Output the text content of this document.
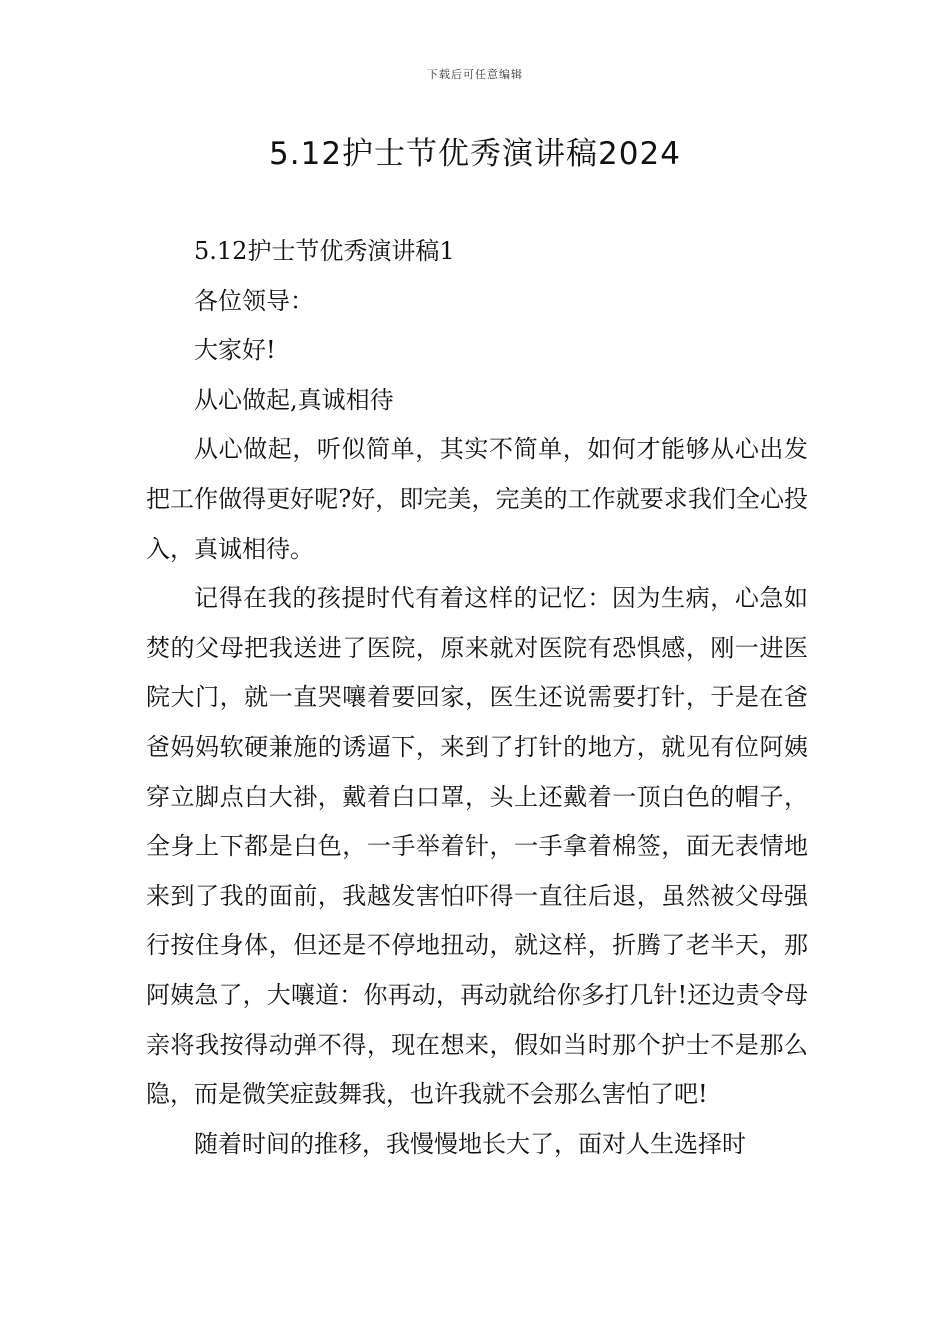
下载后可任意编辑
5.12护士节优秀演讲稿2024

5.12护士节优秀演讲稿1

各位领导：

大家好!

从心做起,真诚相待

从心做起，听似简单，其实不简单，如何才能够从心出发把工作做得更好呢?好，即完美，完美的工作就要求我们全心投入，真诚相待。

记得在我的孩提时代有着这样的记忆：因为生病，心急如焚的父母把我送进了医院，原来就对医院有恐惧感，刚一进医院大门，就一直哭嚷着要回家，医生还说需要打针，于是在爸爸妈妈软硬兼施的诱逼下，来到了打针的地方，就见有位阿姨穿立脚点白大褂，戴着白口罩，头上还戴着一顶白色的帽子，全身上下都是白色，一手举着针，一手拿着棉签，面无表情地来到了我的面前，我越发害怕吓得一直往后退，虽然被父母强行按住身体，但还是不停地扭动，就这样，折腾了老半天，那阿姨急了，大嚷道：你再动，再动就给你多打几针!还边责令母亲将我按得动弹不得，现在想来，假如当时那个护士不是那么隐，而是微笑症鼓舞我，也许我就不会那么害怕了吧!

随着时间的推移，我慢慢地长大了，面对人生选择时
